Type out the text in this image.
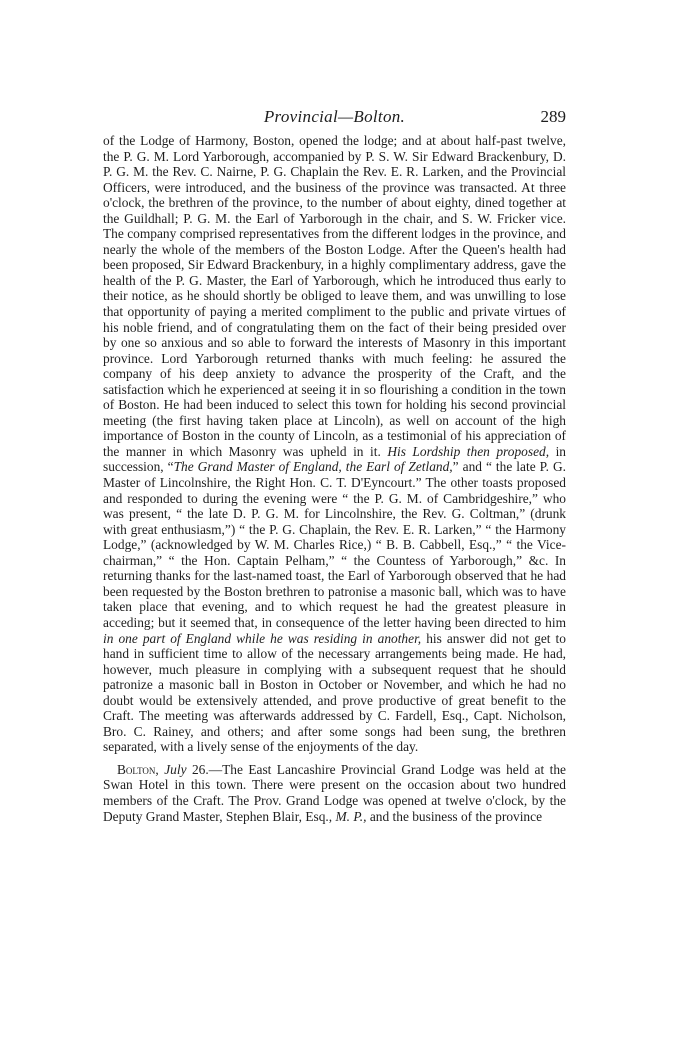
Provincial—Bolton.	289

of the Lodge of Harmony, Boston, opened the lodge; and at about half-past twelve, the P. G. M. Lord Yarborough, accompanied by P. S. W. Sir Edward Brackenbury, D. P. G. M. the Rev. C. Nairne, P. G. Chaplain the Rev. E. R. Larken, and the Provincial Officers, were introduced, and the business of the province was transacted. At three o'clock, the brethren of the province, to the number of about eighty, dined together at the Guildhall; P. G. M. the Earl of Yarborough in the chair, and S. W. Fricker vice. The company comprised representatives from the different lodges in the province, and nearly the whole of the members of the Boston Lodge. After the Queen's health had been proposed, Sir Edward Brackenbury, in a highly complimentary address, gave the health of the P. G. Master, the Earl of Yarborough, which he introduced thus early to their notice, as he should shortly be obliged to leave them, and was unwilling to lose that opportunity of paying a merited compliment to the public and private virtues of his noble friend, and of congratulating them on the fact of their being presided over by one so anxious and so able to forward the interests of Masonry in this important province. Lord Yarborough returned thanks with much feeling: he assured the company of his deep anxiety to advance the prosperity of the Craft, and the satisfaction which he experienced at seeing it in so flourishing a condition in the town of Boston. He had been induced to select this town for holding his second provincial meeting (the first having taken place at Lincoln), as well on account of the high importance of Boston in the county of Lincoln, as a testimonial of his appreciation of the manner in which Masonry was upheld in it. His Lordship then proposed, in succession, “The Grand Master of England, the Earl of Zetland,” and “ the late P. G. Master of Lincolnshire, the Right Hon. C. T. D'Eyncourt.” The other toasts proposed and responded to during the evening were “ the P. G. M. of Cambridgeshire,” who was present, “ the late D. P. G. M. for Lincolnshire, the Rev. G. Coltman,” (drunk with great enthusiasm,”) “ the P. G. Chaplain, the Rev. E. R. Larken,” “ the Harmony Lodge,” (acknowledged by W. M. Charles Rice,) “ B. B. Cabbell, Esq.,” “ the Vice-chairman,” “ the Hon. Captain Pelham,” “ the Countess of Yarborough,” &c. In returning thanks for the last-named toast, the Earl of Yarborough observed that he had been requested by the Boston brethren to patronise a masonic ball, which was to have taken place that evening, and to which request he had the greatest pleasure in acceding; but it seemed that, in consequence of the letter having been directed to him in one part of England while he was residing in another, his answer did not get to hand in sufficient time to allow of the necessary arrangements being made. He had, however, much pleasure in complying with a subsequent request that he should patronize a masonic ball in Boston in October or November, and which he had no doubt would be extensively attended, and prove productive of great benefit to the Craft. The meeting was afterwards addressed by C. Fardell, Esq., Capt. Nicholson, Bro. C. Rainey, and others; and after some songs had been sung, the brethren separated, with a lively sense of the enjoyments of the day.

Bolton, July 26.—The East Lancashire Provincial Grand Lodge was held at the Swan Hotel in this town. There were present on the occasion about two hundred members of the Craft. The Prov. Grand Lodge was opened at twelve o'clock, by the Deputy Grand Master, Stephen Blair, Esq., M. P., and the business of the province
